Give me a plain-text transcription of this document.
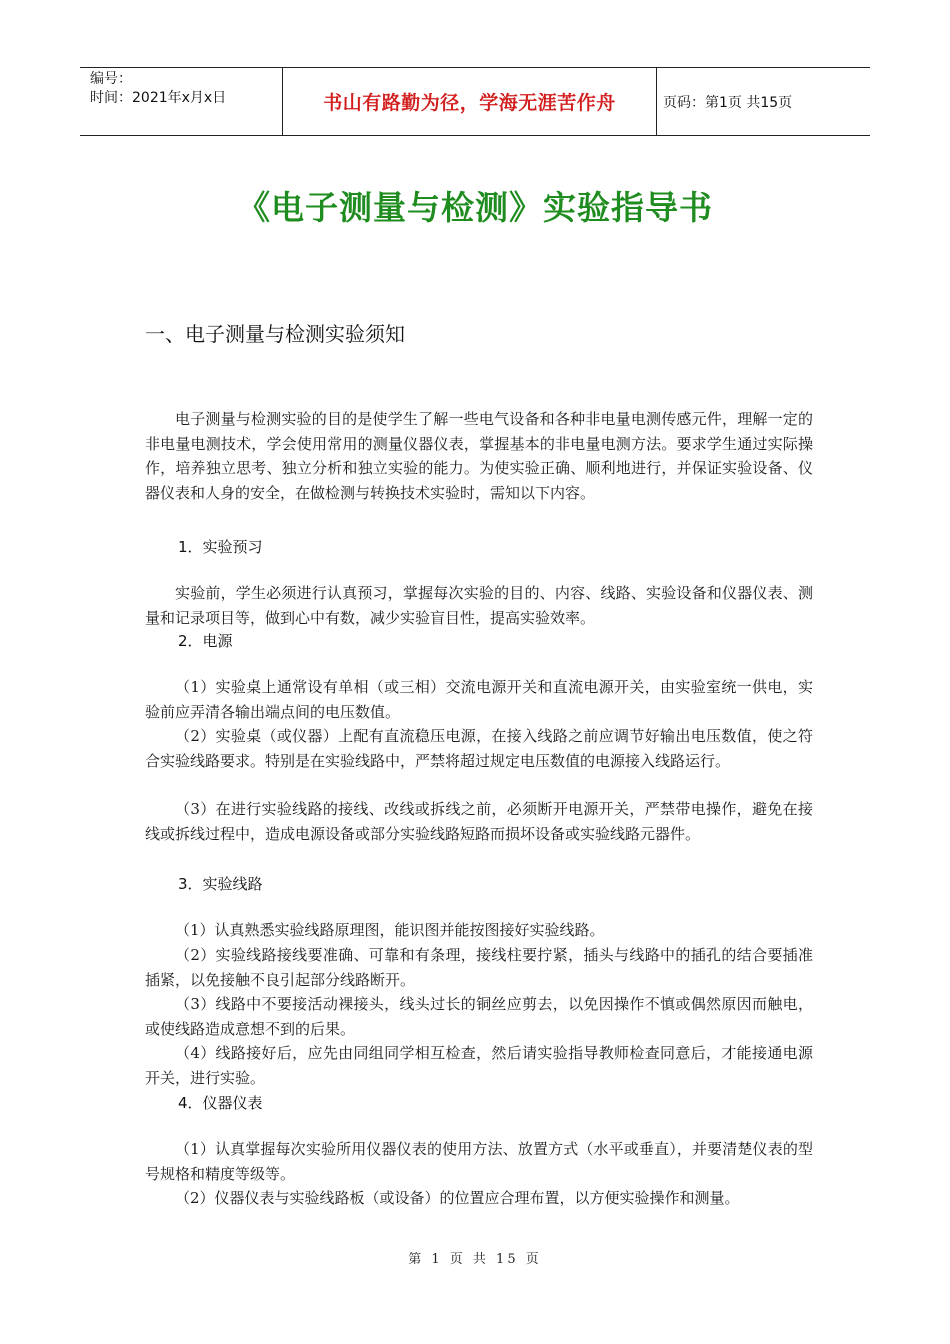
编号：
时间：2021年x月x日	书山有路勤为径，学海无涯苦作舟	页码：第1页 共15页
《电子测量与检测》实验指导书
一、电子测量与检测实验须知
电子测量与检测实验的目的是使学生了解一些电气设备和各种非电量电测传感元件，理解一定的非电量电测技术，学会使用常用的测量仪器仪表，掌握基本的非电量电测方法。要求学生通过实际操作，培养独立思考、独立分析和独立实验的能力。为使实验正确、顺利地进行，并保证实验设备、仪器仪表和人身的安全，在做检测与转换技术实验时，需知以下内容。
1．实验预习
实验前，学生必须进行认真预习，掌握每次实验的目的、内容、线路、实验设备和仪器仪表、测量和记录项目等，做到心中有数，减少实验盲目性，提高实验效率。
2．电源
（1）实验桌上通常设有单相（或三相）交流电源开关和直流电源开关，由实验室统一供电，实验前应弄清各输出端点间的电压数值。
（2）实验桌（或仪器）上配有直流稳压电源，在接入线路之前应调节好输出电压数值，使之符合实验线路要求。特别是在实验线路中，严禁将超过规定电压数值的电源接入线路运行。
（3）在进行实验线路的接线、改线或拆线之前，必须断开电源开关，严禁带电操作，避免在接线或拆线过程中，造成电源设备或部分实验线路短路而损坏设备或实验线路元器件。
3．实验线路
（1）认真熟悉实验线路原理图，能识图并能按图接好实验线路。
（2）实验线路接线要准确、可靠和有条理，接线柱要拧紧，插头与线路中的插孔的结合要插准插紧，以免接触不良引起部分线路断开。
（3）线路中不要接活动裸接头，线头过长的铜丝应剪去，以免因操作不慎或偶然原因而触电，或使线路造成意想不到的后果。
（4）线路接好后，应先由同组同学相互检查，然后请实验指导教师检查同意后，才能接通电源开关，进行实验。
4．仪器仪表
（1）认真掌握每次实验所用仪器仪表的使用方法、放置方式（水平或垂直），并要清楚仪表的型号规格和精度等级等。
（2）仪器仪表与实验线路板（或设备）的位置应合理布置，以方便实验操作和测量。
第 1 页 共 15 页
